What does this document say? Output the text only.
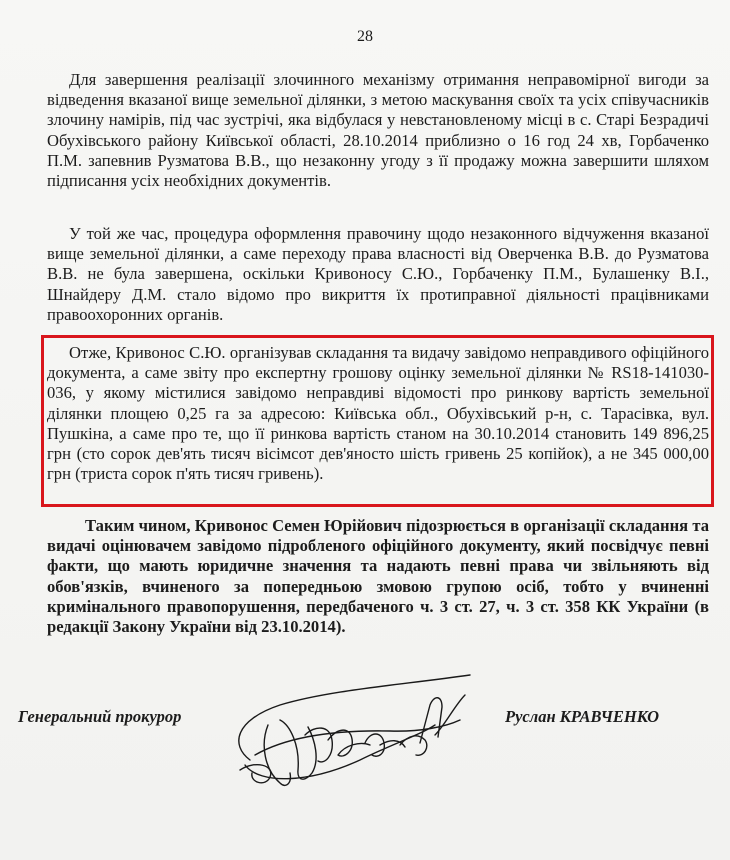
28

Для завершення реалізації злочинного механізму отримання неправомірної вигоди за відведення вказаної вище земельної ділянки, з метою маскування своїх та усіх співучасників злочину намірів, під час зустрічі, яка відбулася у невстановленому місці в с. Старі Безрадичі Обухівського району Київської області, 28.10.2014 приблизно о 16 год 24 хв, Горбаченко П.М. запевнив Рузматова В.В., що незаконну угоду з її продажу можна завершити шляхом підписання усіх необхідних документів.

У той же час, процедура оформлення правочину щодо незаконного відчуження вказаної вище земельної ділянки, а саме переходу права власності від Оверченка В.В. до Рузматова В.В. не була завершена, оскільки Кривоносу С.Ю., Горбаченку П.М., Булашенку В.І., Шнайдеру Д.М. стало відомо про викриття їх протиправної діяльності працівниками правоохоронних органів.

Отже, Кривонос С.Ю. організував складання та видачу завідомо неправдивого офіційного документа, а саме звіту про експертну грошову оцінку земельної ділянки № RS18-141030-036, у якому містилися завідомо неправдиві відомості про ринкову вартість земельної ділянки площею 0,25 га за адресою: Київська обл., Обухівський р-н, с. Тарасівка, вул. Пушкіна, а саме про те, що її ринкова вартість станом на 30.10.2014 становить 149 896,25 грн (сто сорок дев'ять тисяч вісімсот дев'яносто шість гривень 25 копійок), а не 345 000,00 грн (триста сорок п'ять тисяч гривень).

Таким чином, Кривонос Семен Юрійович підозрюється в організації складання та видачі оцінювачем завідомо підробленого офіційного документу, який посвідчує певні факти, що мають юридичне значення та надають певні права чи звільняють від обов'язків, вчиненого за попередньою змовою групою осіб, тобто у вчиненні кримінального правопорушення, передбаченого ч. 3 ст. 27, ч. 3 ст. 358 КК України (в редакції Закону України від 23.10.2014).

Генеральний прокурор	Руслан КРАВЧЕНКО
